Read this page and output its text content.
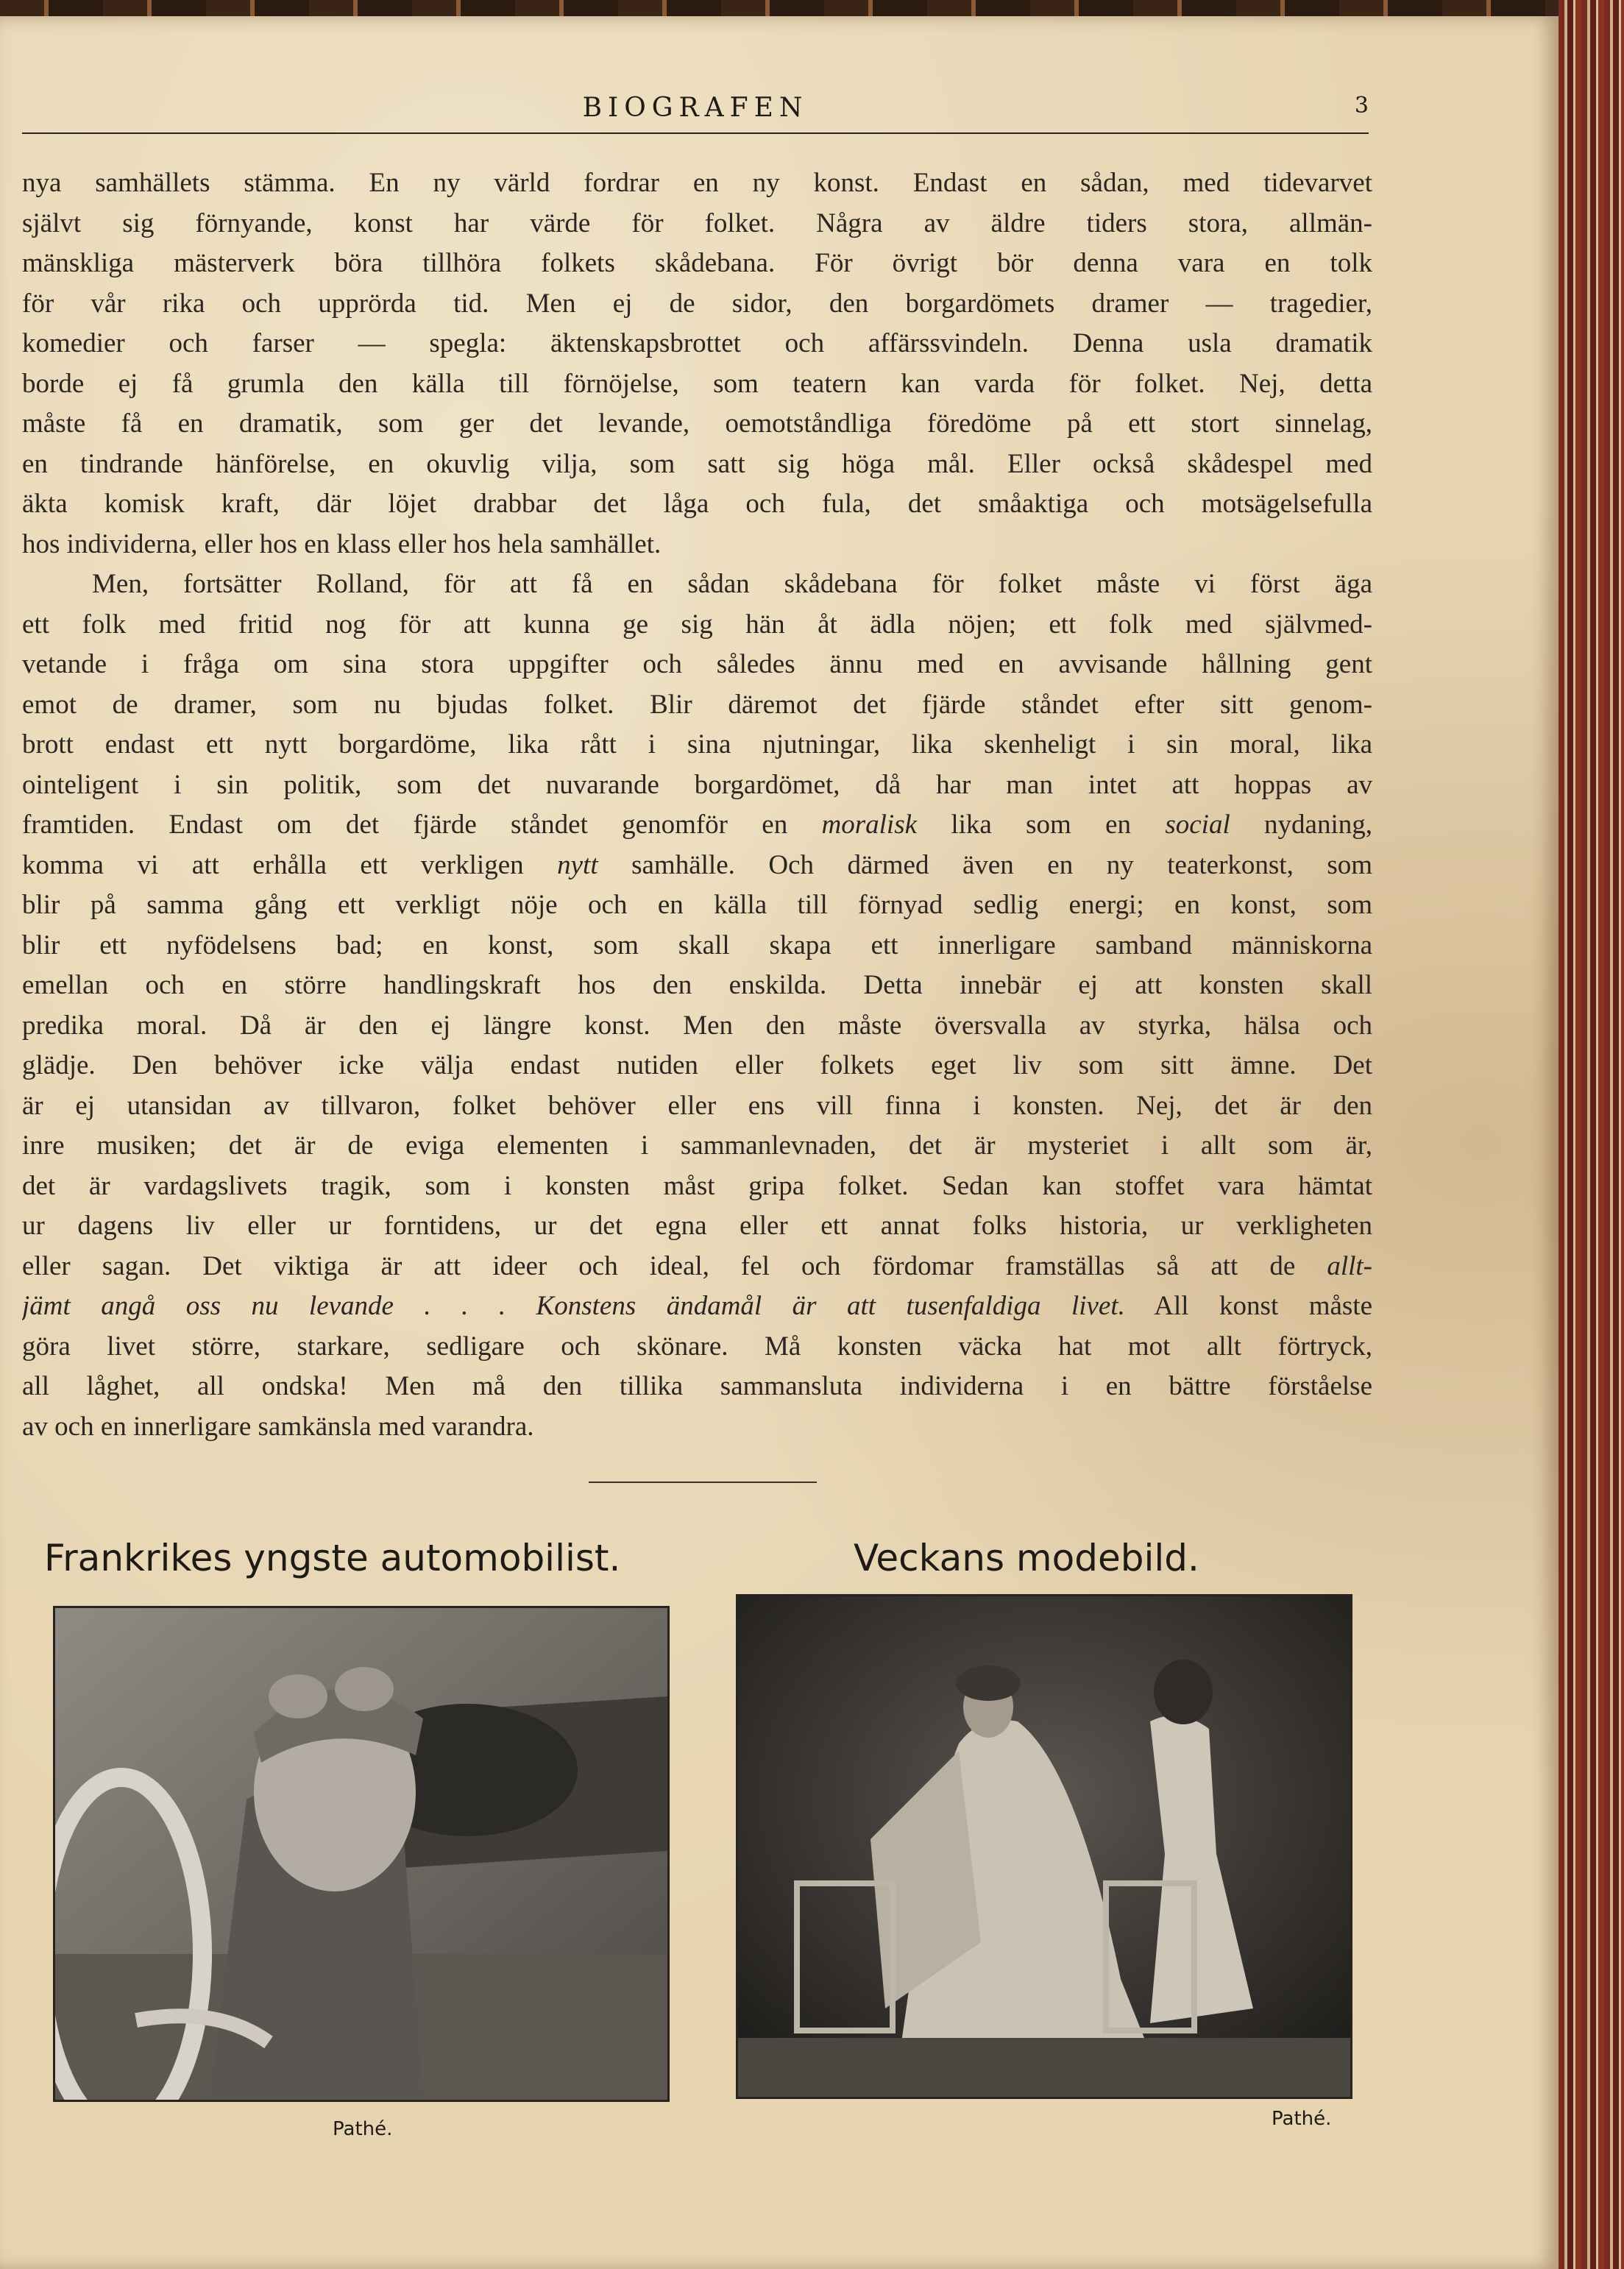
BIOGRAFEN	3
nya samhällets stämma. En ny värld fordrar en ny konst. Endast en sådan, med tidevarvet
självt sig förnyande, konst har värde för folket. Några av äldre tiders stora, allmän-
mänskliga mästerverk böra tillhöra folkets skådebana. För övrigt bör denna vara en tolk
för vår rika och upprörda tid. Men ej de sidor, den borgardömets dramer — tragedier,
komedier och farser — spegla: äktenskapsbrottet och affärssvindeln. Denna usla dramatik
borde ej få grumla den källa till förnöjelse, som teatern kan varda för folket. Nej, detta
måste få en dramatik, som ger det levande, oemotståndliga föredöme på ett stort sinnelag,
en tindrande hänförelse, en okuvlig vilja, som satt sig höga mål. Eller också skådespel med
äkta komisk kraft, där löjet drabbar det låga och fula, det småaktiga och motsägelsefulla
hos individerna, eller hos en klass eller hos hela samhället.
Men, fortsätter Rolland, för att få en sådan skådebana för folket måste vi först äga
ett folk med fritid nog för att kunna ge sig hän åt ädla nöjen; ett folk med självmed-
vetande i fråga om sina stora uppgifter och således ännu med en avvisande hållning gent
emot de dramer, som nu bjudas folket. Blir däremot det fjärde ståndet efter sitt genom-
brott endast ett nytt borgardöme, lika rått i sina njutningar, lika skenheligt i sin moral, lika
ointeligent i sin politik, som det nuvarande borgardömet, då har man intet att hoppas av
framtiden. Endast om det fjärde ståndet genomför en moralisk lika som en social nydaning,
komma vi att erhålla ett verkligen nytt samhälle. Och därmed även en ny teaterkonst, som
blir på samma gång ett verkligt nöje och en källa till förnyad sedlig energi; en konst, som
blir ett nyfödelsens bad; en konst, som skall skapa ett innerligare samband människorna
emellan och en större handlingskraft hos den enskilda. Detta innebär ej att konsten skall
predika moral. Då är den ej längre konst. Men den måste översvalla av styrka, hälsa och
glädje. Den behöver icke välja endast nutiden eller folkets eget liv som sitt ämne. Det
är ej utansidan av tillvaron, folket behöver eller ens vill finna i konsten. Nej, det är den
inre musiken; det är de eviga elementen i sammanlevnaden, det är mysteriet i allt som är,
det är vardagslivets tragik, som i konsten måst gripa folket. Sedan kan stoffet vara hämtat
ur dagens liv eller ur forntidens, ur det egna eller ett annat folks historia, ur verkligheten
eller sagan. Det viktiga är att ideer och ideal, fel och fördomar framställas så att de allt-
jämt angå oss nu levande . . . Konstens ändamål är att tusenfaldiga livet. All konst måste
göra livet större, starkare, sedligare och skönare. Må konsten väcka hat mot allt förtryck,
all låghet, all ondska! Men må den tillika sammansluta individerna i en bättre förståelse
av och en innerligare samkänsla med varandra.
Frankrikes yngste automobilist.	Veckans modebild.
Pathé.	Pathé.
